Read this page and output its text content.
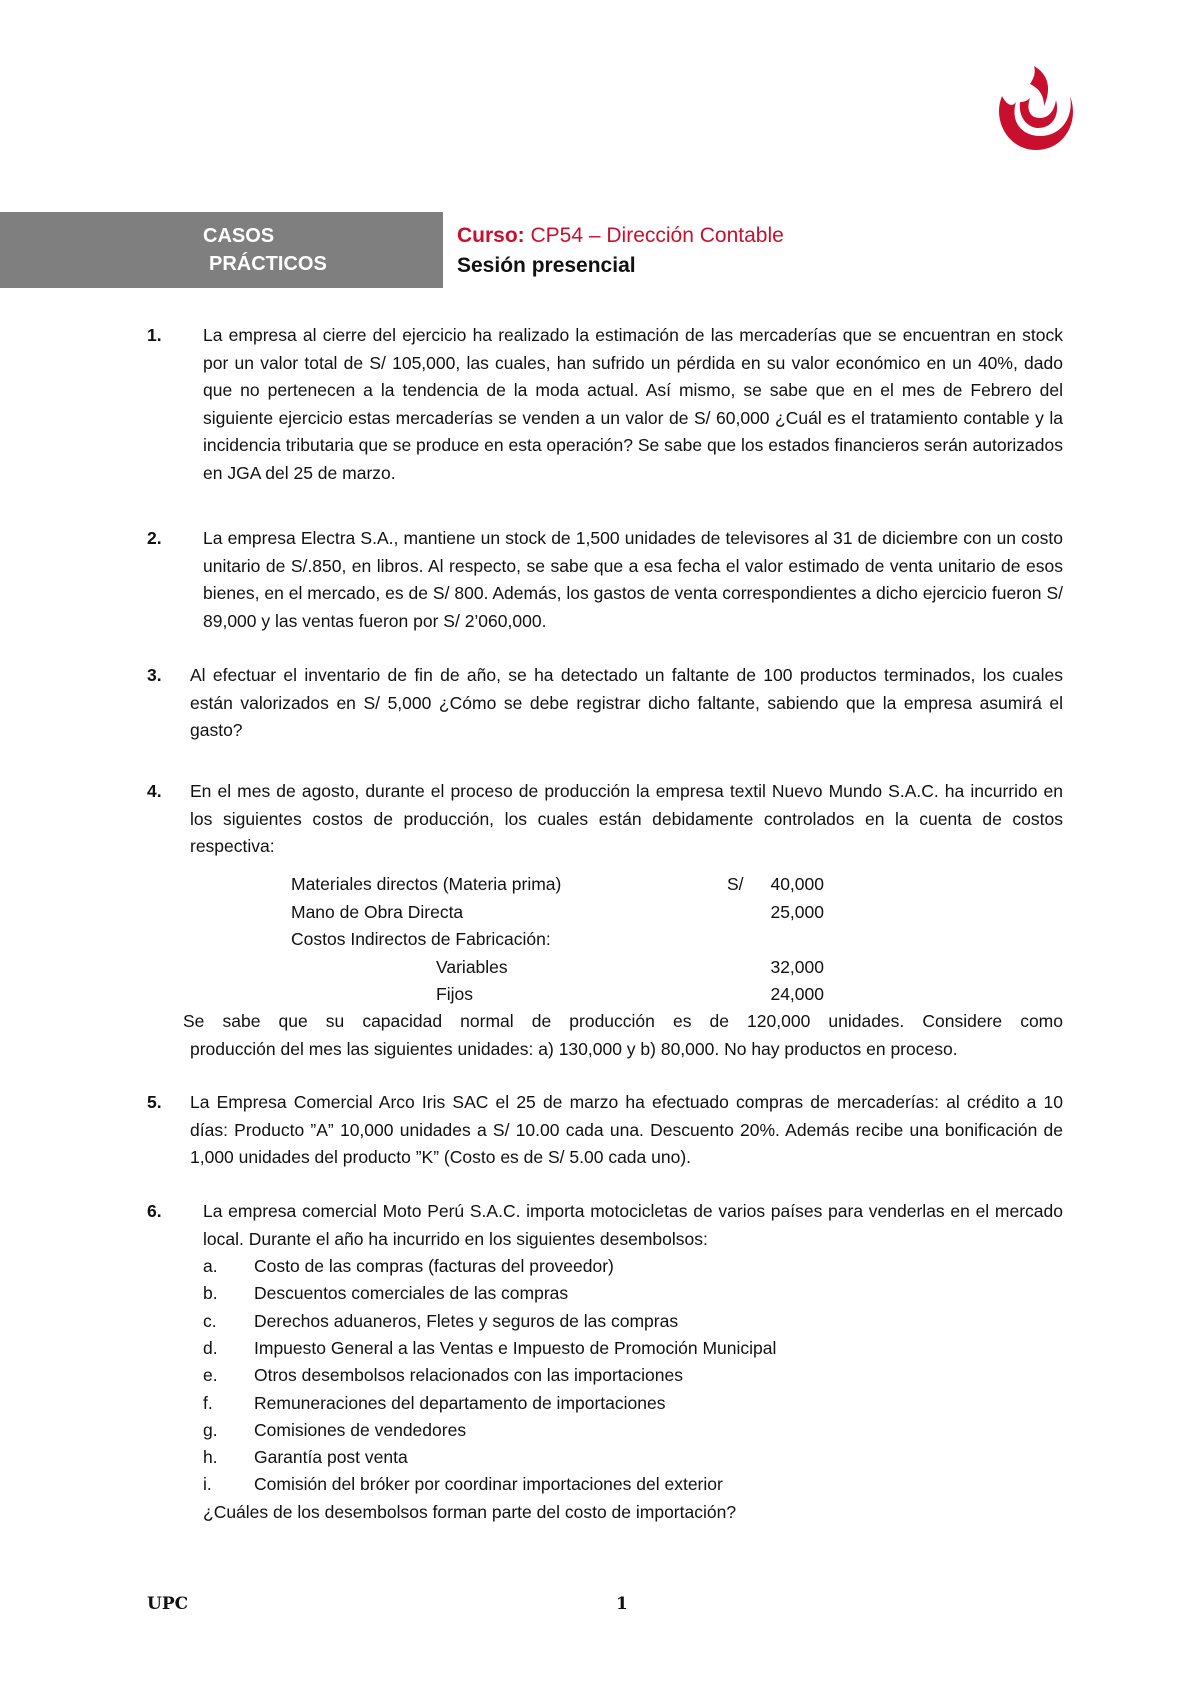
CASOS
PRÁCTICOS
Curso: CP54 – Dirección Contable
Sesión presencial
1. La empresa al cierre del ejercicio ha realizado la estimación de las mercaderías que se encuentran en stock por un valor total de S/ 105,000, las cuales, han sufrido un pérdida en su valor económico en un 40%, dado que no pertenecen a la tendencia de la moda actual. Así mismo, se sabe que en el mes de Febrero del siguiente ejercicio estas mercaderías se venden a un valor de S/ 60,000 ¿Cuál es el tratamiento contable y la incidencia tributaria que se produce en esta operación? Se sabe que los estados financieros serán autorizados en JGA del 25 de marzo.
2. La empresa Electra S.A., mantiene un stock de 1,500 unidades de televisores al 31 de diciembre con un costo unitario de S/.850, en libros. Al respecto, se sabe que a esa fecha el valor estimado de venta unitario de esos bienes, en el mercado, es de S/ 800. Además, los gastos de venta correspondientes a dicho ejercicio fueron S/ 89,000 y las ventas fueron por S/ 2’060,000.
3. Al efectuar el inventario de fin de año, se ha detectado un faltante de 100 productos terminados, los cuales están valorizados en S/ 5,000 ¿Cómo se debe registrar dicho faltante, sabiendo que la empresa asumirá el gasto?
4. En el mes de agosto, durante el proceso de producción la empresa textil Nuevo Mundo S.A.C. ha incurrido en los siguientes costos de producción, los cuales están debidamente controlados en la cuenta de costos respectiva:
Materiales directos (Materia prima)	S/	40,000
Mano de Obra Directa	25,000
Costos Indirectos de Fabricación:
Variables	32,000
Fijos	24,000
Se sabe que su capacidad normal de producción es de 120,000 unidades. Considere como
producción del mes las siguientes unidades: a) 130,000 y b) 80,000. No hay productos en proceso.
5. La Empresa Comercial Arco Iris SAC el 25 de marzo ha efectuado compras de mercaderías: al crédito a 10 días: Producto ”A” 10,000 unidades a S/ 10.00 cada una. Descuento 20%. Además recibe una bonificación de 1,000 unidades del producto ”K” (Costo es de S/ 5.00 cada uno).
6. La empresa comercial Moto Perú S.A.C. importa motocicletas de varios países para venderlas en el mercado local. Durante el año ha incurrido en los siguientes desembolsos:
a. Costo de las compras (facturas del proveedor)
b. Descuentos comerciales de las compras
c. Derechos aduaneros, Fletes y seguros de las compras
d. Impuesto General a las Ventas e Impuesto de Promoción Municipal
e. Otros desembolsos relacionados con las importaciones
f. Remuneraciones del departamento de importaciones
g. Comisiones de vendedores
h. Garantía post venta
i. Comisión del bróker por coordinar importaciones del exterior
¿Cuáles de los desembolsos forman parte del costo de importación?
UPC	1
